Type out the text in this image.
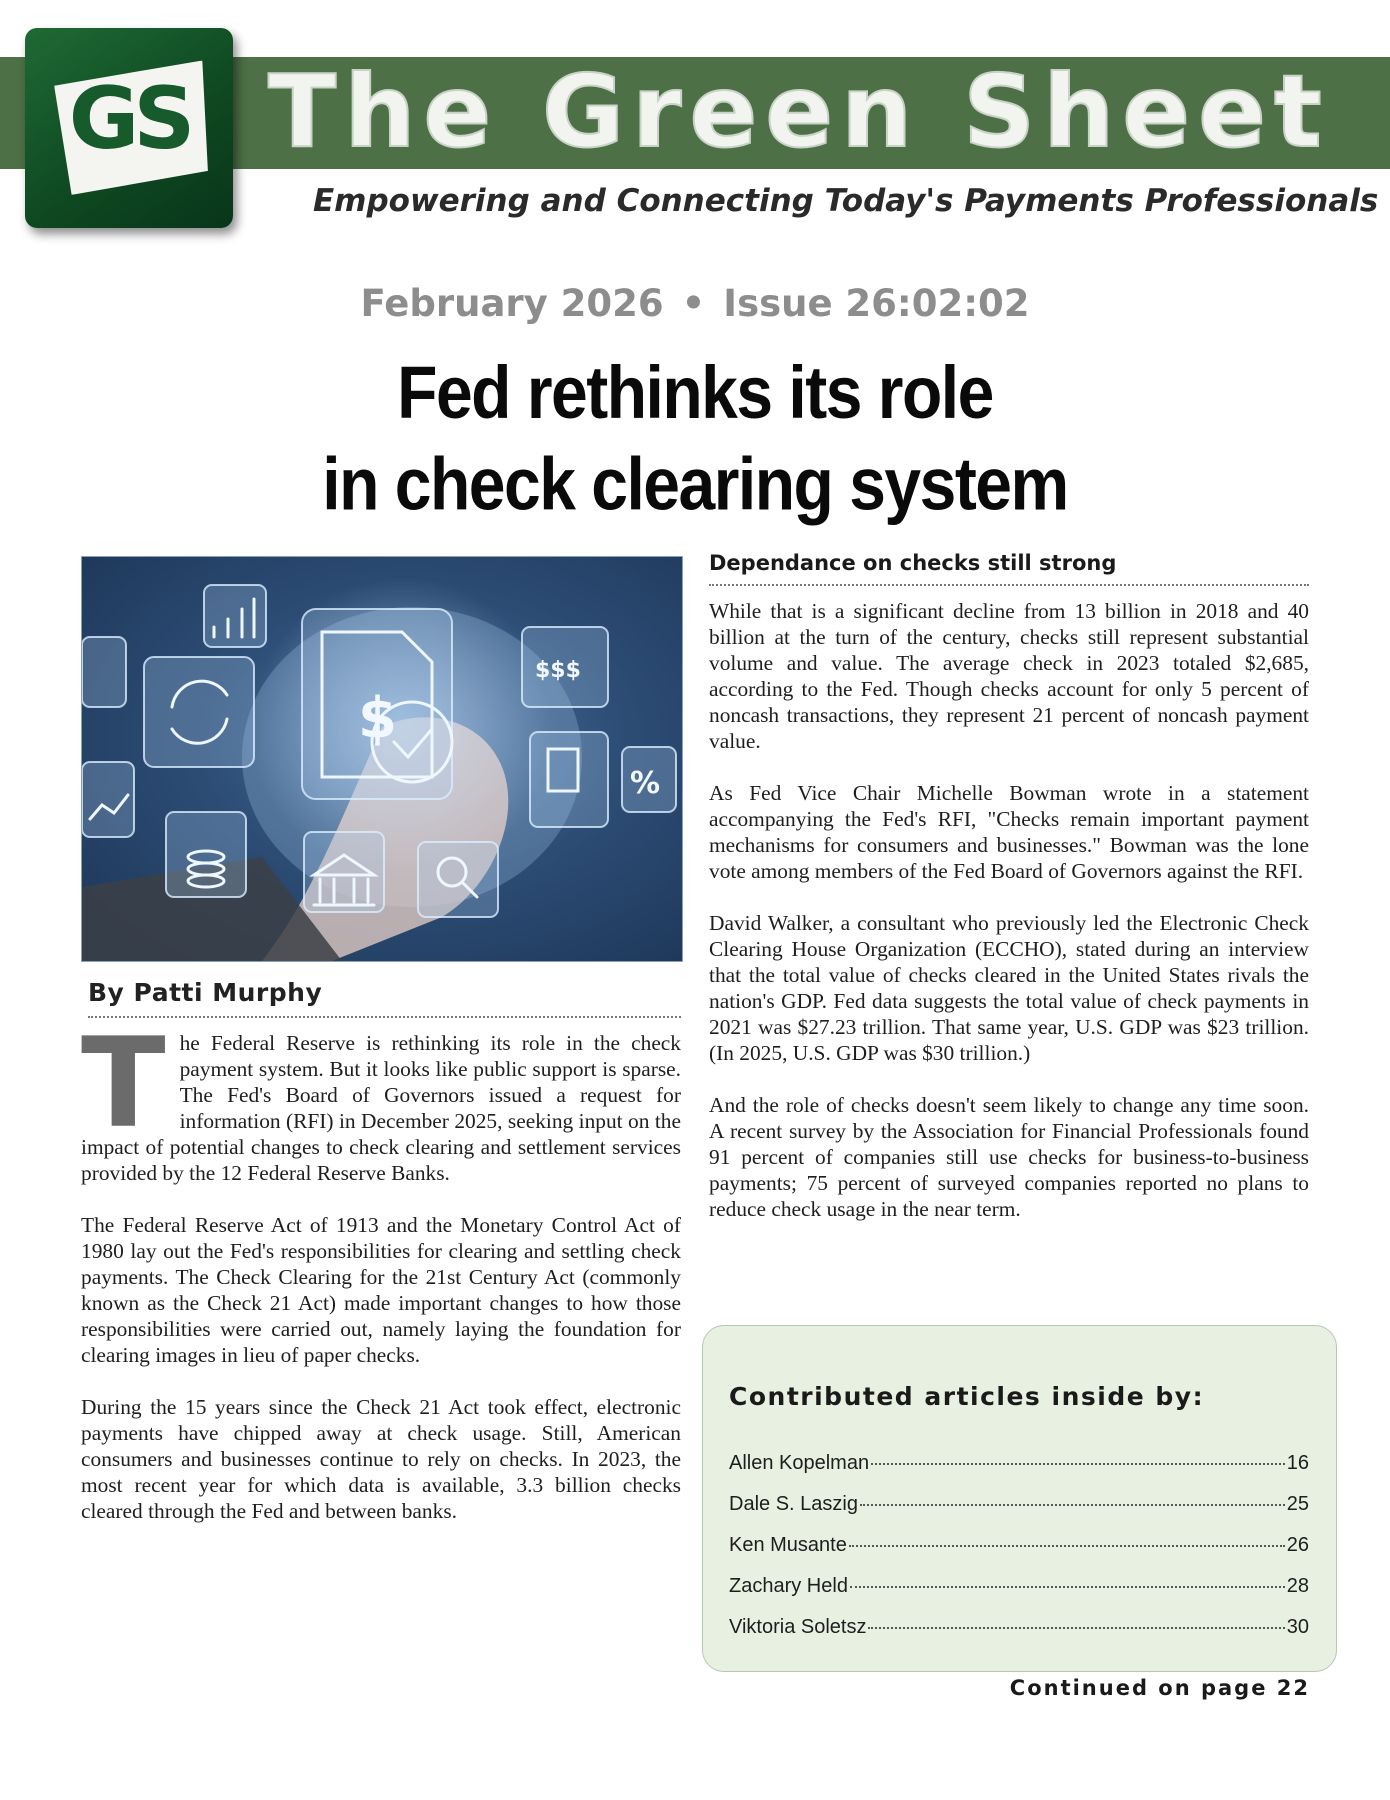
GS The Green Sheet
Empowering and Connecting Today's Payments Professionals
February 2026 • Issue 26:02:02
Fed rethinks its role
in check clearing system
$$$
%
$
By Patti Murphy

The Federal Reserve is rethinking its role in the check payment system. But it looks like public support is sparse. The Fed's Board of Governors issued a request for information (RFI) in December 2025, seeking input on the impact of potential changes to check clearing and settlement services provided by the 12 Federal Reserve Banks.

The Federal Reserve Act of 1913 and the Monetary Control Act of 1980 lay out the Fed's responsibilities for clearing and settling check payments. The Check Clearing for the 21st Century Act (commonly known as the Check 21 Act) made important changes to how those responsibilities were carried out, namely laying the foundation for clearing images in lieu of paper checks.

During the 15 years since the Check 21 Act took effect, electronic payments have chipped away at check usage. Still, American consumers and businesses continue to rely on checks. In 2023, the most recent year for which data is available, 3.3 billion checks cleared through the Fed and between banks.

Dependance on checks still strong

While that is a significant decline from 13 billion in 2018 and 40 billion at the turn of the century, checks still represent substantial volume and value. The average check in 2023 totaled $2,685, according to the Fed. Though checks account for only 5 percent of noncash transactions, they represent 21 percent of noncash payment value.

As Fed Vice Chair Michelle Bowman wrote in a statement accompanying the Fed's RFI, "Checks remain important payment mechanisms for consumers and businesses." Bowman was the lone vote among members of the Fed Board of Governors against the RFI.

David Walker, a consultant who previously led the Electronic Check Clearing House Organization (ECCHO), stated during an interview that the total value of checks cleared in the United States rivals the nation's GDP. Fed data suggests the total value of check payments in 2021 was $27.23 trillion. That same year, U.S. GDP was $23 trillion. (In 2025, U.S. GDP was $30 trillion.)

And the role of checks doesn't seem likely to change any time soon. A recent survey by the Association for Financial Professionals found 91 percent of companies still use checks for business-to-business payments; 75 percent of surveyed companies reported no plans to reduce check usage in the near term.

Contributed articles inside by:
Allen Kopelman	16
Dale S. Laszig	25
Ken Musante	26
Zachary Held	28
Viktoria Soletsz	30
Continued on page 22
